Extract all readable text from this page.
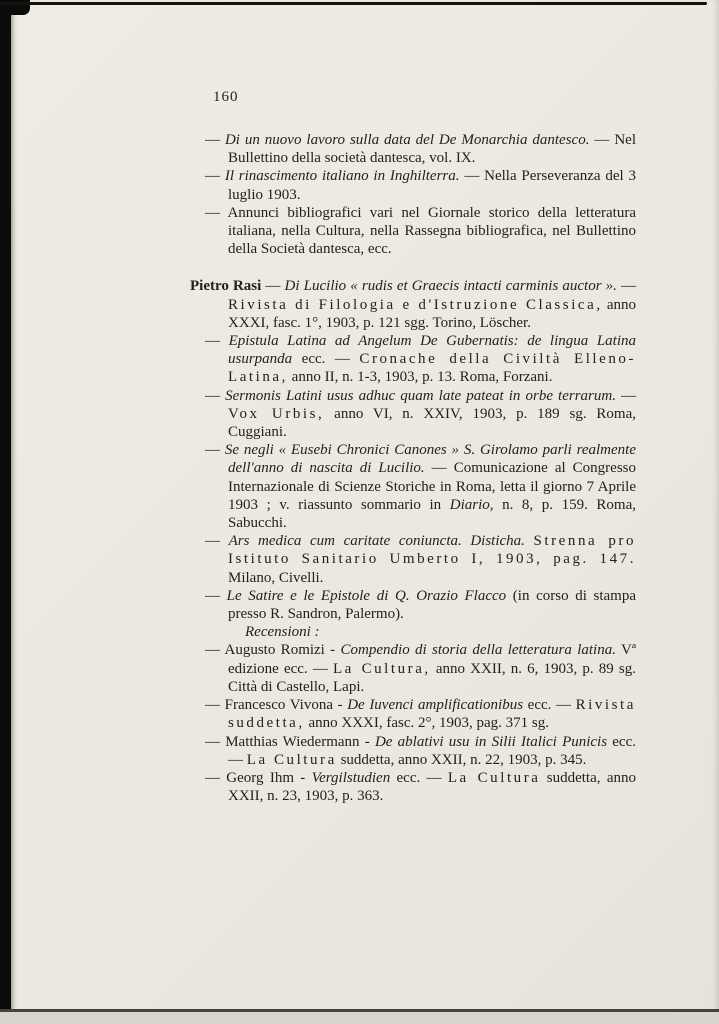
160

— Di un nuovo lavoro sulla data del De Monarchia dantesco. — Nel Bullettino della società dantesca, vol. IX.

— Il rinascimento italiano in Inghilterra. — Nella Perseveranza del 3 luglio 1903.

— Annunci bibliografici vari nel Giornale storico della letteratura italiana, nella Cultura, nella Rassegna bibliografica, nel Bullettino della Società dantesca, ecc.

Pietro Rasi — Di Lucilio « rudis et Graecis intacti carminis auctor ». — Rivista di Filologia e d'Istruzione Classica, anno XXXI, fasc. 1°, 1903, p. 121 sgg. Torino, Löscher.

— Epistula Latina ad Angelum De Gubernatis: de lingua Latina usurpanda ecc. — Cronache della Civiltà Elleno-Latina, anno II, n. 1-3, 1903, p. 13. Roma, Forzani.

— Sermonis Latini usus adhuc quam late pateat in orbe terrarum. — Vox Urbis, anno VI, n. XXIV, 1903, p. 189 sg. Roma, Cuggiani.

— Se negli « Eusebi Chronici Canones » S. Girolamo parli realmente dell'anno di nascita di Lucilio. — Comunicazione al Congresso Internazionale di Scienze Storiche in Roma, letta il giorno 7 Aprile 1903 ; v. riassunto sommario in Diario, n. 8, p. 159. Roma, Sabucchi.

— Ars medica cum caritate coniuncta. Disticha. Strenna pro Istituto Sanitario Umberto I, 1903, pag. 147. Milano, Civelli.

— Le Satire e le Epistole di Q. Orazio Flacco (in corso di stampa presso R. Sandron, Palermo).

Recensioni :

— Augusto Romizi - Compendio di storia della letteratura latina. Vª edizione ecc. — La Cultura, anno XXII, n. 6, 1903, p. 89 sg. Città di Castello, Lapi.

— Francesco Vivona - De Iuvenci amplificationibus ecc. — Rivista suddetta, anno XXXI, fasc. 2°, 1903, pag. 371 sg.

— Matthias Wiedermann - De ablativi usu in Silii Italici Punicis ecc. — La Cultura suddetta, anno XXII, n. 22, 1903, p. 345.

— Georg Ihm - Vergilstudien ecc. — La Cultura suddetta, anno XXII, n. 23, 1903, p. 363.
